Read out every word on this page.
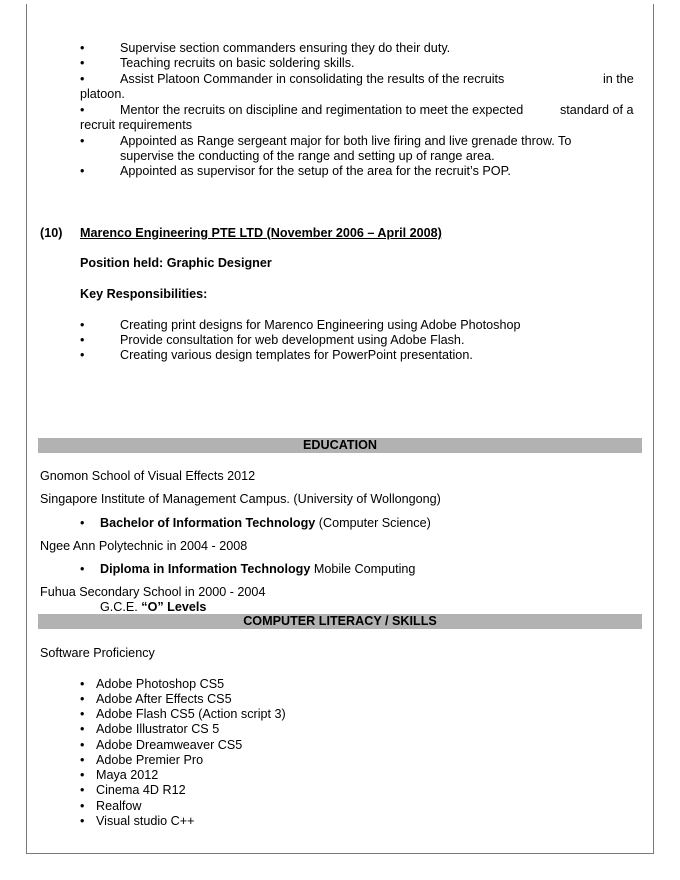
•	Supervise section commanders ensuring they do their duty.
•	Teaching recruits on basic soldering skills.
•	Assist Platoon Commander in consolidating the results of the recruits	in the
platoon.
•	Mentor the recruits on discipline and regimentation to meet the expected	standard of a
recruit requirements
•	Appointed as Range sergeant major for both live firing and live grenade throw. To
supervise the conducting of the range and setting up of range area.
•	Appointed as supervisor for the setup of the area for the recruit’s POP.
(10) Marenco Engineering PTE LTD (November 2006 – April 2008)
Position held: Graphic Designer
Key Responsibilities:
•	Creating print designs for Marenco Engineering using Adobe Photoshop
•	Provide consultation for web development using Adobe Flash.
•	Creating various design templates for PowerPoint presentation.
EDUCATION
Gnomon School of Visual Effects 2012
Singapore Institute of Management Campus. (University of Wollongong)
•	Bachelor of Information Technology (Computer Science)
Ngee Ann Polytechnic in 2004 - 2008
•	Diploma in Information Technology Mobile Computing
Fuhua Secondary School in 2000 - 2004
G.C.E. “O” Levels
COMPUTER LITERACY / SKILLS
Software Proficiency
• Adobe Photoshop CS5
• Adobe After Effects CS5
• Adobe Flash CS5 (Action script 3)
• Adobe Illustrator CS 5
• Adobe Dreamweaver CS5
• Adobe Premier Pro
• Maya 2012
• Cinema 4D R12
• Realfow
• Visual studio C++
